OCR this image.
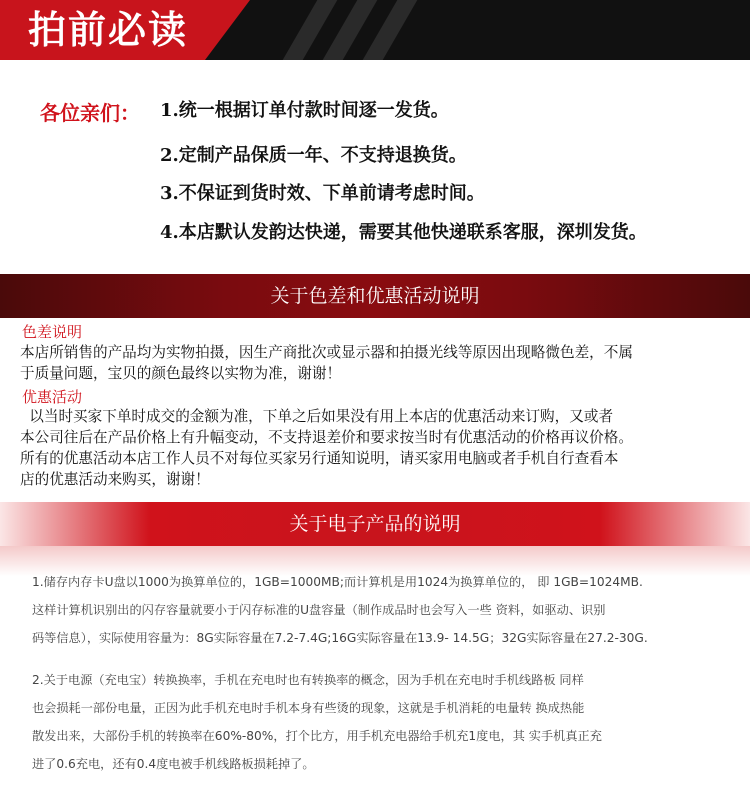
拍前必读
各位亲们： 1.统一根据订单付款时间逐一发货。
2.定制产品保质一年、不支持退换货。
3.不保证到货时效、下单前请考虑时间。
4.本店默认发韵达快递，需要其他快递联系客服，深圳发货。
关于色差和优惠活动说明
色差说明

本店所销售的产品均为实物拍摄，因生产商批次或显示器和拍摄光线等原因出现略微色差，不属

于质量问题，宝贝的颜色最终以实物为准，谢谢！

优惠活动

以当时买家下单时成交的金额为准，下单之后如果没有用上本店的优惠活动来订购，又或者

本公司往后在产品价格上有升幅变动，不支持退差价和要求按当时有优惠活动的价格再议价格。

所有的优惠活动本店工作人员不对每位买家另行通知说明，请买家用电脑或者手机自行查看本

店的优惠活动来购买，谢谢！

关于电子产品的说明

1.储存内存卡U盘以1000为换算单位的，1GB=1000MB;而计算机是用1024为换算单位的， 即 1GB=1024MB.

这样计算机识别出的闪存容量就要小于闪存标准的U盘容量（制作成品时也会写入一些 资料，如驱动、识别

码等信息），实际使用容量为：8G实际容量在7.2-7.4G;16G实际容量在13.9- 14.5G；32G实际容量在27.2-30G.

2.关于电源（充电宝）转换换率，手机在充电时也有转换率的概念，因为手机在充电时手机线路板 同样

也会损耗一部份电量，正因为此手机充电时手机本身有些烫的现象，这就是手机消耗的电量转 换成热能

散发出来，大部份手机的转换率在60%-80%，打个比方，用手机充电器给手机充1度电，其 实手机真正充

进了0.6充电，还有0.4度电被手机线路板损耗掉了。
